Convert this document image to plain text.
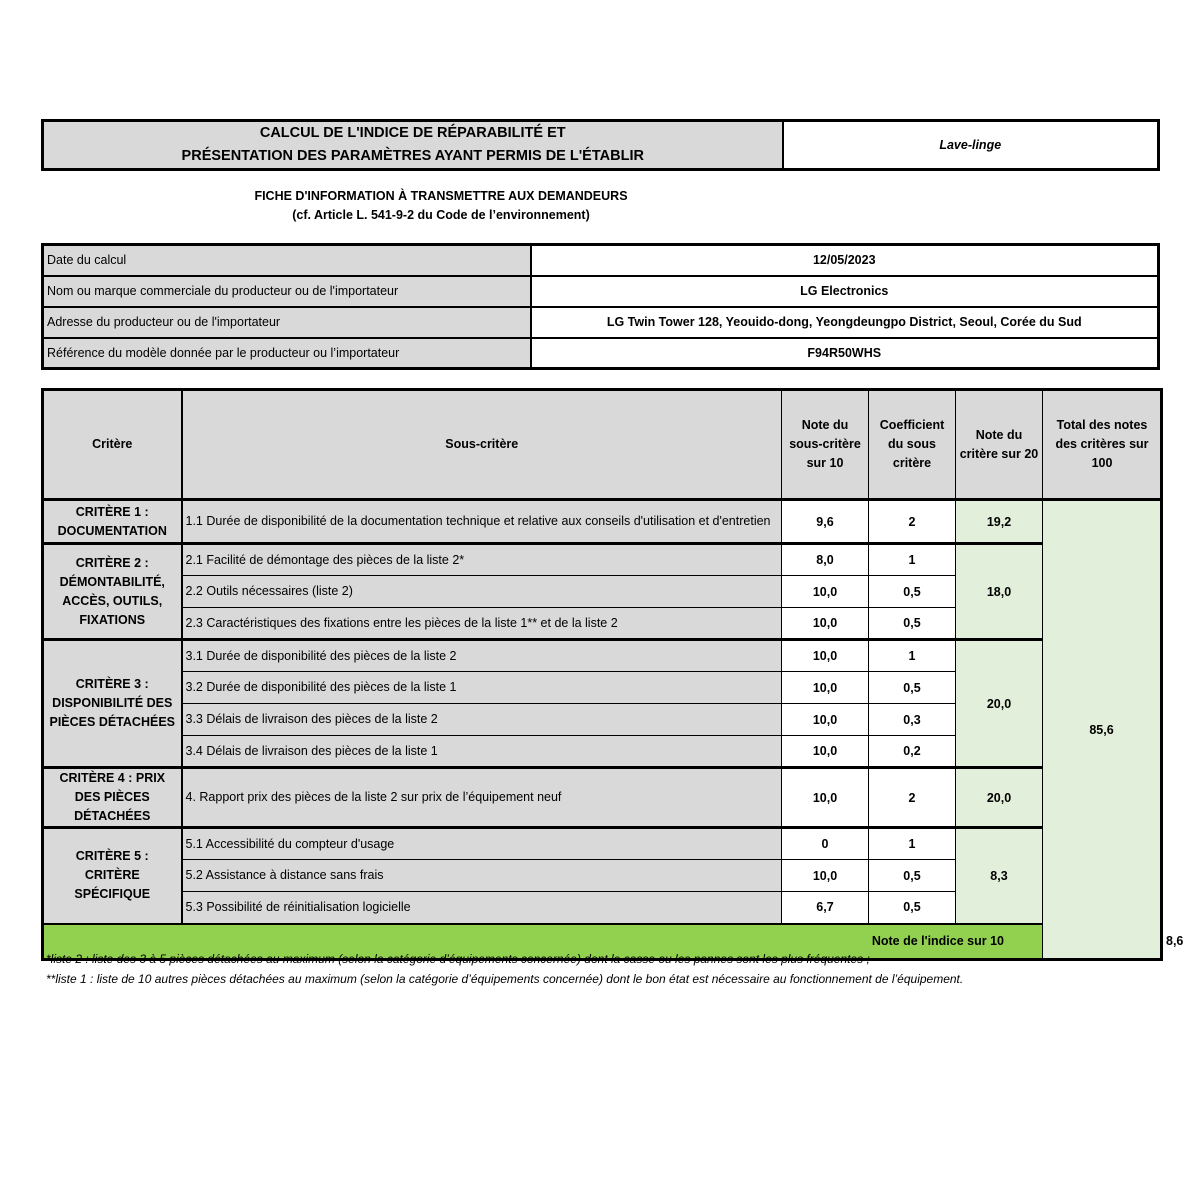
CALCUL DE L'INDICE DE RÉPARABILITÉ ET
PRÉSENTATION DES PARAMÈTRES AYANT PERMIS DE L'ÉTABLIR
	Lave-linge
FICHE D'INFORMATION À TRANSMETTRE AUX DEMANDEURS
(cf. Article L. 541-9-2 du Code de l’environnement)
Date du calcul	12/05/2023
Nom ou marque commerciale du producteur ou de l'importateur	LG Electronics
Adresse du producteur ou de l'importateur	LG Twin Tower 128, Yeouido-dong, Yeongdeungpo District, Seoul, Corée du Sud
Référence du modèle donnée par le producteur ou l’importateur	F94R50WHS
Critère	Sous-critère	Note du sous-critère sur 10	Coefficient du sous critère	Note du critère sur 20	Total des notes des critères sur 100	
CRITÈRE 1 : DOCUMENTATION	1.1 Durée de disponibilité de la documentation technique et relative aux conseils d'utilisation et d'entretien	9,6	2	19,2	85,6	
CRITÈRE 2 : DÉMONTABILITÉ, ACCÈS, OUTILS, FIXATIONS	2.1 Facilité de démontage des pièces de la liste 2*	8,0	1	18,0		
	2.2 Outils nécessaires (liste 2)	10,0	0,5			
	2.3 Caractéristiques des fixations entre les pièces de la liste 1** et de la liste 2	10,0	0,5			
CRITÈRE 3 : DISPONIBILITÉ DES PIÈCES DÉTACHÉES	3.1 Durée de disponibilité des pièces de la liste 2	10,0	1	20,0		
	3.2 Durée de disponibilité des pièces de la liste 1	10,0	0,5			
	3.3 Délais de livraison des pièces de la liste 2	10,0	0,3			
	3.4 Délais de livraison des pièces de la liste 1	10,0	0,2			
CRITÈRE 4 : PRIX DES PIÈCES DÉTACHÉES	4. Rapport prix des pièces de la liste 2 sur prix de l’équipement neuf	10,0	2	20,0		
CRITÈRE 5 : CRITÈRE SPÉCIFIQUE	5.1 Accessibilité du compteur d'usage	0	1	8,3		
	5.2 Assistance à distance sans frais	10,0	0,5			
	5.3 Possibilité de réinitialisation logicielle	6,7	0,5			
Note de l'indice sur 10						8,6
*liste 2 : liste des 3 à 5 pièces détachées au maximum (selon la catégorie d’équipements concernée) dont la casse ou les pannes sont les plus fréquentes ;
**liste 1 : liste de 10 autres pièces détachées au maximum (selon la catégorie d’équipements concernée) dont le bon état est nécessaire au fonctionnement de l’équipement.
